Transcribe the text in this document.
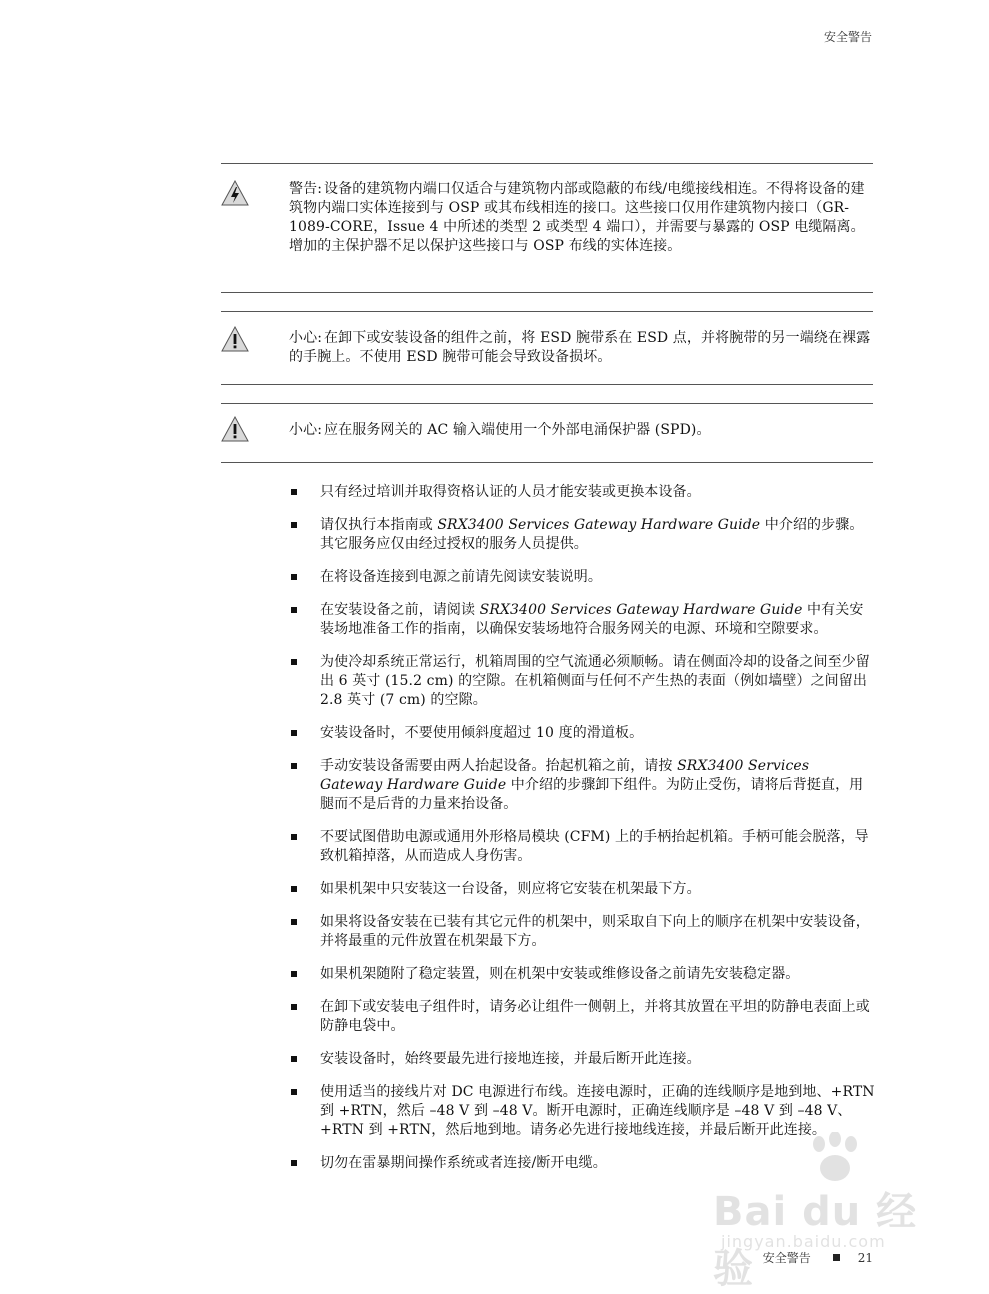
安全警告
警告: 设备的建筑物内端口仅适合与建筑物内部或隐蔽的布线/电缆接线相连。不得将设备的建筑物内端口实体连接到与 OSP 或其布线相连的接口。这些接口仅用作建筑物内接口（GR-1089-CORE，Issue 4 中所述的类型 2 或类型 4 端口），并需要与暴露的 OSP 电缆隔离。增加的主保护器不足以保护这些接口与 OSP 布线的实体连接。
小心: 在卸下或安装设备的组件之前，将 ESD 腕带系在 ESD 点，并将腕带的另一端绕在裸露的手腕上。不使用 ESD 腕带可能会导致设备损坏。
小心: 应在服务网关的 AC 输入端使用一个外部电涌保护器 (SPD)。
只有经过培训并取得资格认证的人员才能安装或更换本设备。
请仅执行本指南或 SRX3400 Services Gateway Hardware Guide 中介绍的步骤。其它服务应仅由经过授权的服务人员提供。
在将设备连接到电源之前请先阅读安装说明。
在安装设备之前，请阅读 SRX3400 Services Gateway Hardware Guide 中有关安装场地准备工作的指南，以确保安装场地符合服务网关的电源、环境和空隙要求。
为使冷却系统正常运行，机箱周围的空气流通必须顺畅。请在侧面冷却的设备之间至少留出 6 英寸 (15.2 cm) 的空隙。在机箱侧面与任何不产生热的表面（例如墙壁）之间留出 2.8 英寸 (7 cm) 的空隙。
安装设备时，不要使用倾斜度超过 10 度的滑道板。
手动安装设备需要由两人抬起设备。抬起机箱之前，请按 SRX3400 Services Gateway Hardware Guide 中介绍的步骤卸下组件。为防止受伤，请将后背挺直，用腿而不是后背的力量来抬设备。
不要试图借助电源或通用外形格局模块 (CFM) 上的手柄抬起机箱。手柄可能会脱落，导致机箱掉落，从而造成人身伤害。
如果机架中只安装这一台设备，则应将它安装在机架最下方。
如果将设备安装在已装有其它元件的机架中，则采取自下向上的顺序在机架中安装设备，并将最重的元件放置在机架最下方。
如果机架随附了稳定装置，则在机架中安装或维修设备之前请先安装稳定器。
在卸下或安装电子组件时，请务必让组件一侧朝上，并将其放置在平坦的防静电表面上或防静电袋中。
安装设备时，始终要最先进行接地连接，并最后断开此连接。
使用适当的接线片对 DC 电源进行布线。连接电源时，正确的连线顺序是地到地、+RTN 到 +RTN，然后 –48 V 到 –48 V。断开电源时，正确连线顺序是 –48 V 到 –48 V、+RTN 到 +RTN，然后地到地。请务必先进行接地线连接，并最后断开此连接。
切勿在雷暴期间操作系统或者连接/断开电缆。
Bai du 经验
jingyan.baidu.com
安全警告	21
